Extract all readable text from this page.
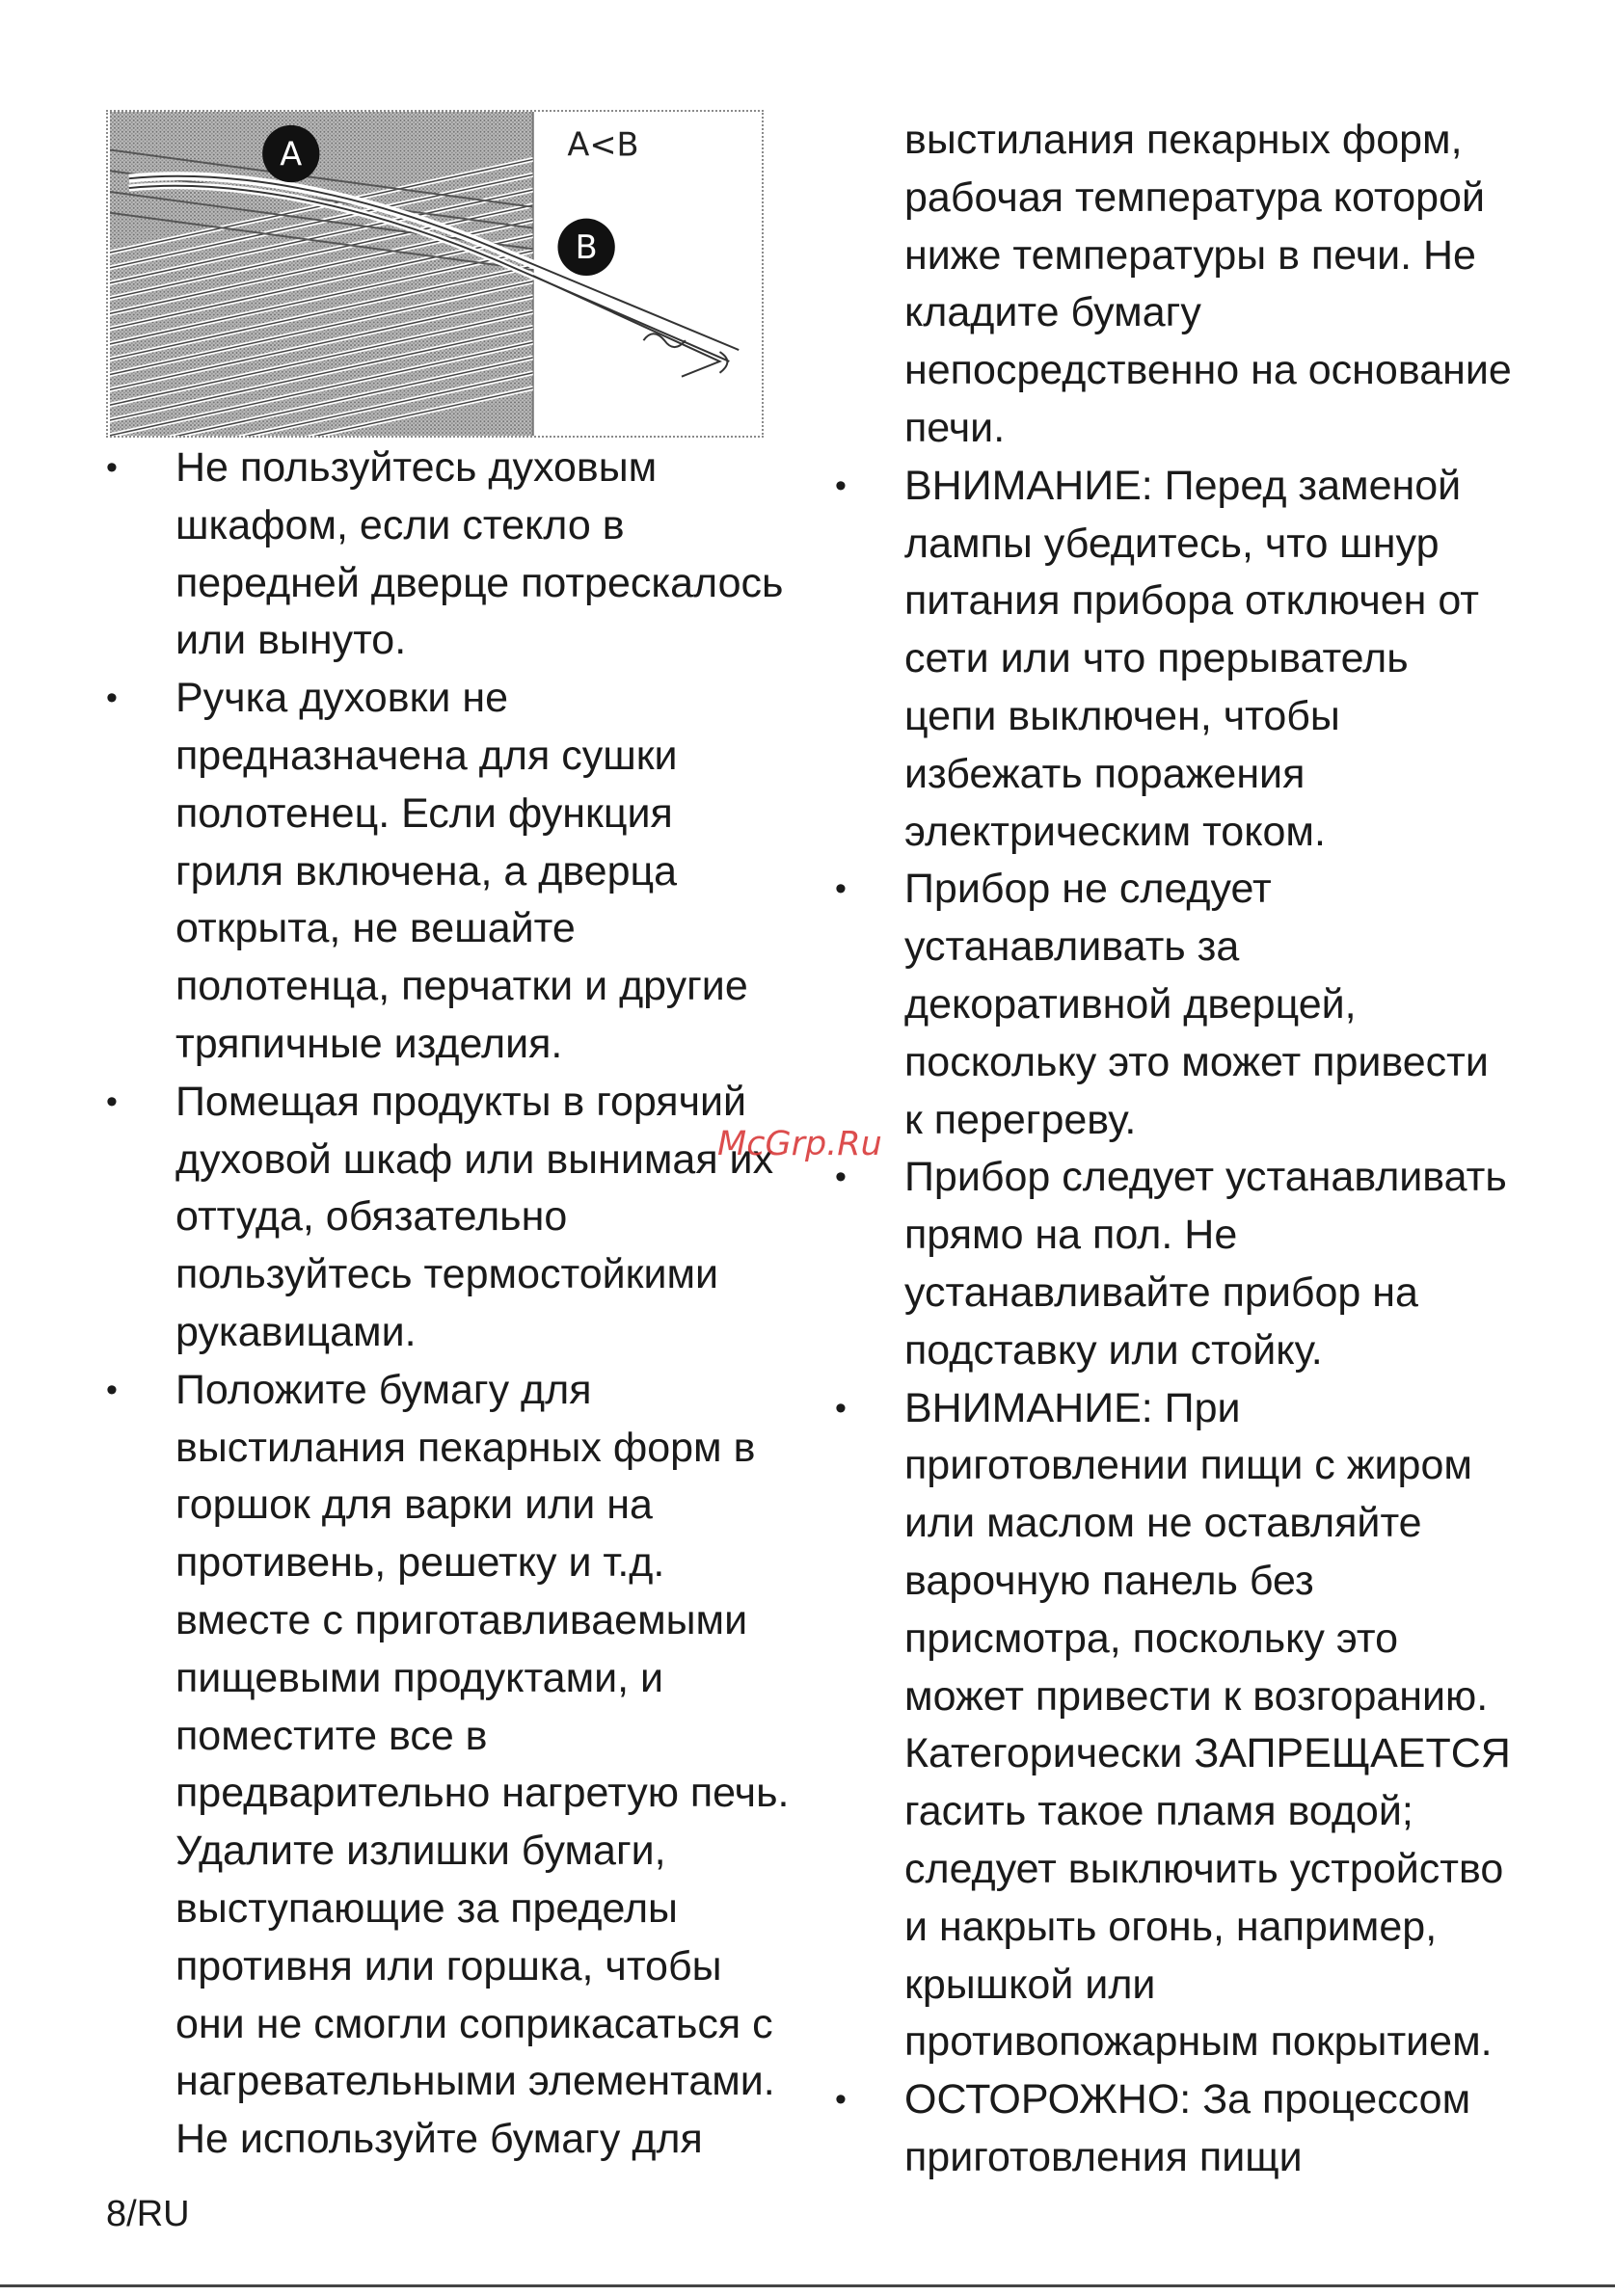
A
B
A<B
• Не пользуйтесь духовым
шкафом, если стекло в
передней дверце потрескалось
или вынуто.
• Ручка духовки не
предназначена для сушки
полотенец. Если функция
гриля включена, а дверца
открыта, не вешайте
полотенца, перчатки и другие
тряпичные изделия.
• Помещая продукты в горячий
духовой шкаф или вынимая их
оттуда, обязательно
пользуйтесь термостойкими
рукавицами.
• Положите бумагу для
выстилания пекарных форм в
горшок для варки или на
противень, решетку и т.д.
вместе с приготавливаемыми
пищевыми продуктами, и
поместите все в
предварительно нагретую печь.
Удалите излишки бумаги,
выступающие за пределы
противня или горшка, чтобы
они не смогли соприкасаться с
нагревательными элементами.
Не используйте бумагу для
выстилания пекарных форм,
рабочая температура которой
ниже температуры в печи. Не
кладите бумагу
непосредственно на основание
печи.
• ВНИМАНИЕ: Перед заменой
лампы убедитесь, что шнур
питания прибора отключен от
сети или что прерыватель
цепи выключен, чтобы
избежать поражения
электрическим током.
• Прибор не следует
устанавливать за
декоративной дверцей,
поскольку это может привести
к перегреву.
• Прибор следует устанавливать
прямо на пол. Не
устанавливайте прибор на
подставку или стойку.
• ВНИМАНИЕ: При
приготовлении пищи с жиром
или маслом не оставляйте
варочную панель без
присмотра, поскольку это
может привести к возгоранию.
Категорически ЗАПРЕЩАЕТСЯ
гасить такое пламя водой;
следует выключить устройство
и накрыть огонь, например,
крышкой или
противопожарным покрытием.
• ОСТОРОЖНО: За процессом
приготовления пищи
McGrp.Ru
8/RU
